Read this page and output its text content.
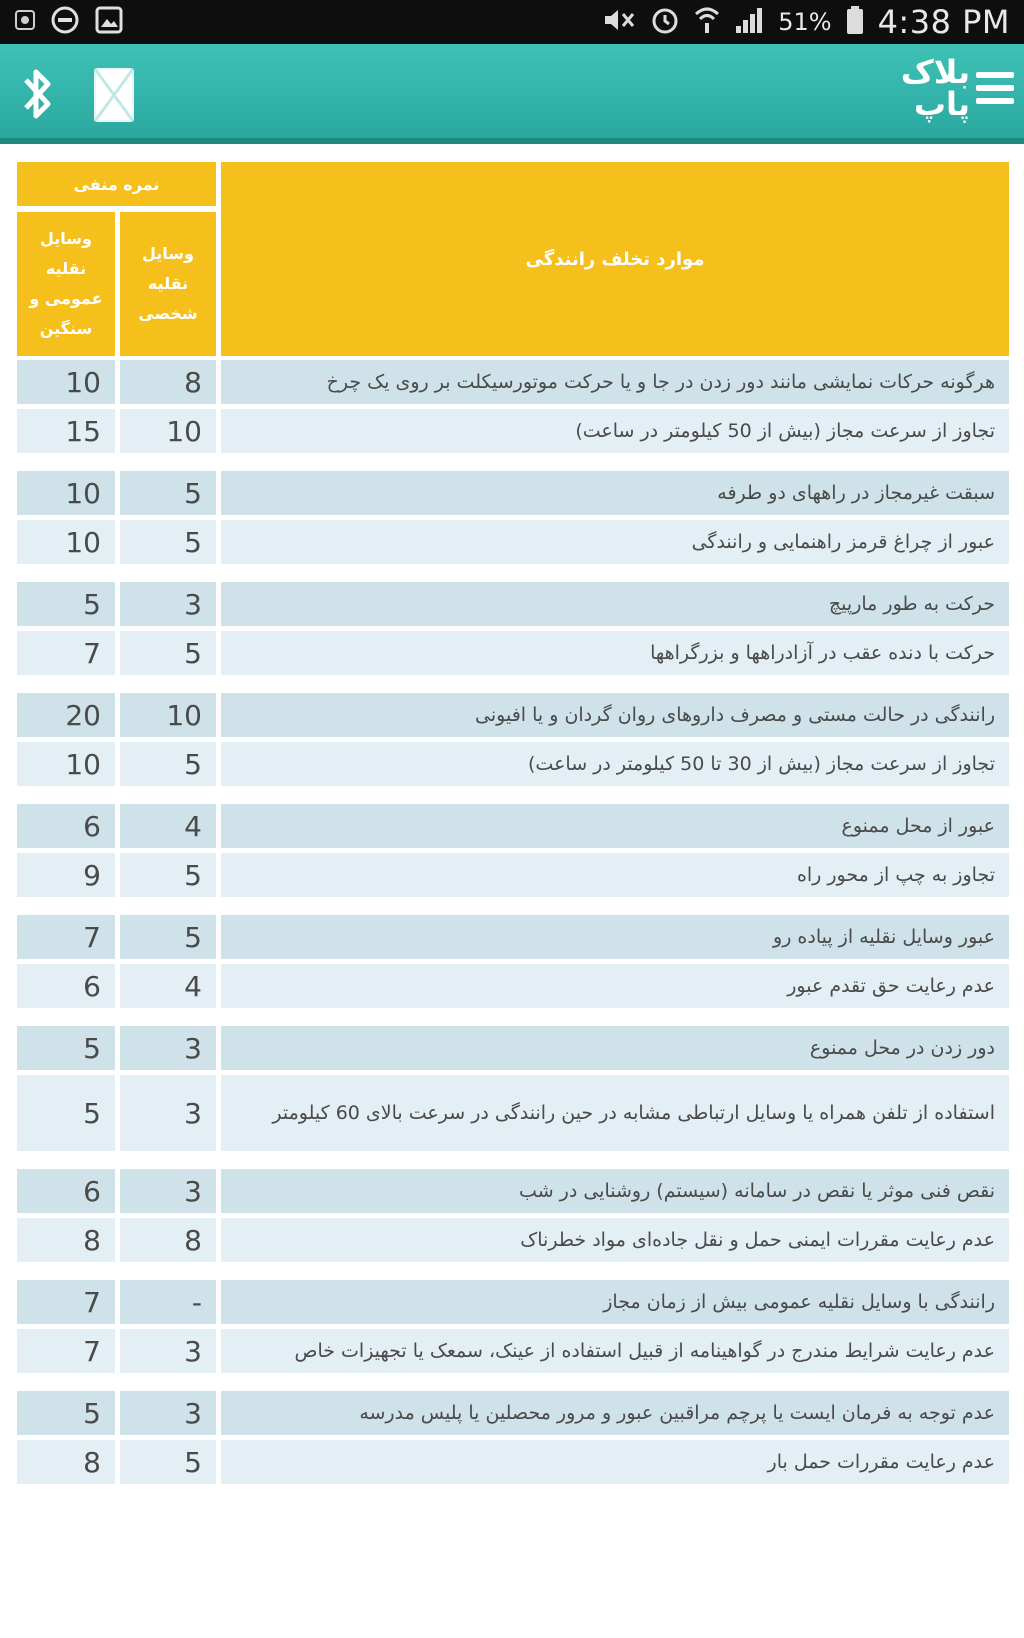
51% 4:38 PM
بلاک
پاپ
موارد تخلف رانندگی
نمره منفی
وسایل نقلیه شخصی
وسایل نقلیه عمومی و سنگین
10	8	هرگونه حرکات نمایشی مانند دور زدن در جا و یا حرکت موتورسیکلت بر روی یک چرخ
15	10	تجاوز از سرعت مجاز (بیش از 50 کیلومتر در ساعت)
10	5	سبقت غیرمجاز در راههای دو طرفه
10	5	عبور از چراغ قرمز راهنمایی و رانندگی
5	3	حرکت به طور مارپیچ
7	5	حرکت با دنده عقب در آزادراهها و بزرگراهها
20	10	رانندگی در حالت مستی و مصرف داروهای روان گردان و یا افیونی
10	5	تجاوز از سرعت مجاز (بیش از 30 تا 50 کیلومتر در ساعت)
6	4	عبور از محل ممنوع
9	5	تجاوز به چپ از محور راه
7	5	عبور وسایل نقلیه از پیاده رو
6	4	عدم رعایت حق تقدم عبور
5	3	دور زدن در محل ممنوع
5	3	استفاده از تلفن همراه یا وسایل ارتباطی مشابه در حین رانندگی در سرعت بالای 60 کیلومتر
6	3	نقص فنی موثر یا نقص در سامانه (سیستم) روشنایی در شب
8	8	عدم رعایت مقررات ایمنی حمل و نقل جاده‌ای مواد خطرناک
7	-	رانندگی با وسایل نقلیه عمومی بیش از زمان مجاز
7	3	عدم رعایت شرایط مندرج در گواهینامه از قبیل استفاده از عینک، سمعک یا تجهیزات خاص
5	3	عدم توجه به فرمان ایست یا پرچم مراقبین عبور و مرور محصلین یا پلیس مدرسه
8	5	عدم رعایت مقررات حمل بار
